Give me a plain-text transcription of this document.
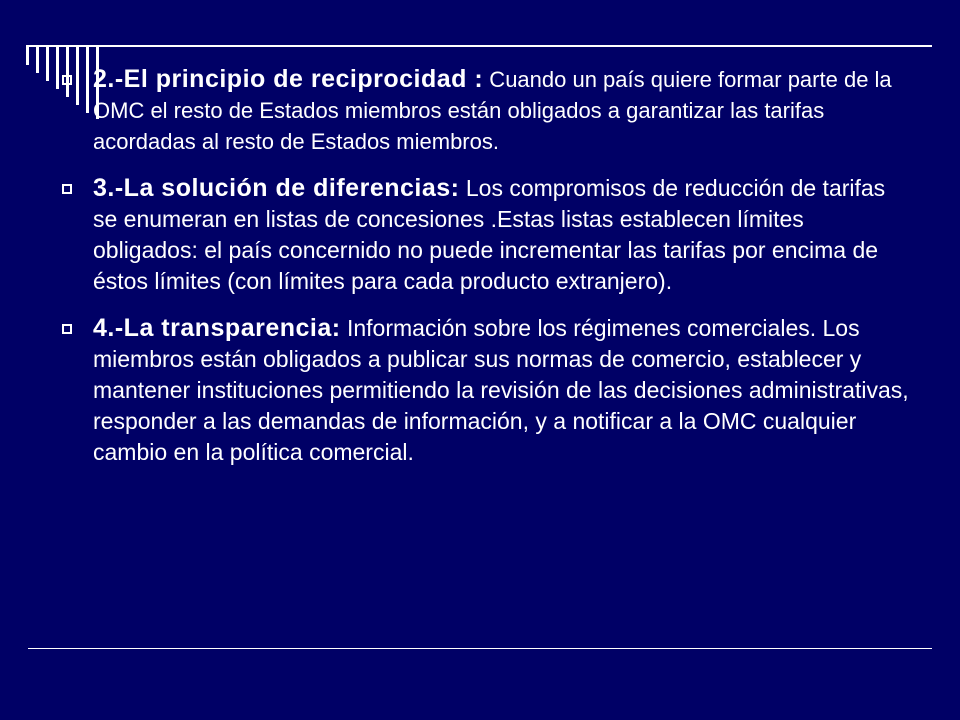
2.-El principio de reciprocidad : Cuando un país quiere formar parte de la OMC el resto de Estados miembros están obligados a garantizar las tarifas acordadas al resto de Estados miembros.
3.-La solución de diferencias: Los compromisos de reducción de tarifas se enumeran en listas de concesiones .Estas listas establecen límites obligados: el país concernido no puede incrementar las tarifas por encima de éstos límites (con límites para cada producto extranjero).
4.-La transparencia: Información sobre los régimenes comerciales. Los miembros están obligados a publicar sus normas de comercio, establecer y mantener instituciones permitiendo la revisión de las decisiones administrativas, responder a las demandas de información, y a notificar a la OMC cualquier cambio en la política comercial.
